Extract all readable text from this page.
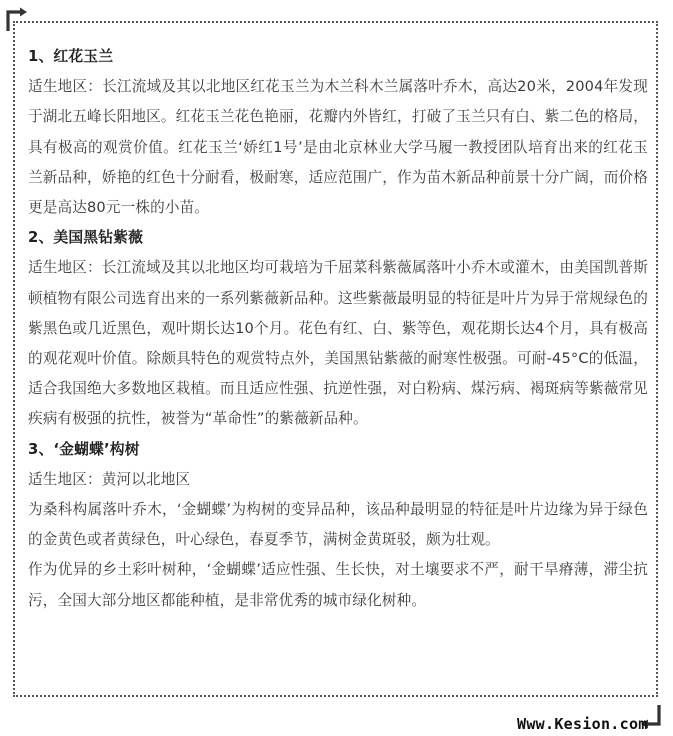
1、红花玉兰

适生地区：长江流域及其以北地区红花玉兰为木兰科木兰属落叶乔木，高达20米，2004年发现于湖北五峰长阳地区。红花玉兰花色艳丽，花瓣内外皆红，打破了玉兰只有白、紫二色的格局，具有极高的观赏价值。红花玉兰‘娇红1号’是由北京林业大学马履一教授团队培育出来的红花玉兰新品种，娇艳的红色十分耐看，极耐寒，适应范围广，作为苗木新品种前景十分广阔，而价格更是高达80元一株的小苗。

2、美国黑钻紫薇

适生地区：长江流域及其以北地区均可栽培为千屈菜科紫薇属落叶小乔木或灌木，由美国凯普斯顿植物有限公司选育出来的一系列紫薇新品种。这些紫薇最明显的特征是叶片为异于常规绿色的紫黑色或几近黑色，观叶期长达10个月。花色有红、白、紫等色，观花期长达4个月，具有极高的观花观叶价值。除颇具特色的观赏特点外，美国黑钻紫薇的耐寒性极强。可耐-45°C的低温，适合我国绝大多数地区栽植。而且适应性强、抗逆性强，对白粉病、煤污病、褐斑病等紫薇常见疾病有极强的抗性，被誉为“革命性”的紫薇新品种。

3、‘金蝴蝶’构树

适生地区：黄河以北地区

为桑科构属落叶乔木，‘金蝴蝶’为构树的变异品种，该品种最明显的特征是叶片边缘为异于绿色的金黄色或者黄绿色，叶心绿色，春夏季节，满树金黄斑驳，颇为壮观。

作为优异的乡土彩叶树种，‘金蝴蝶’适应性强、生长快，对土壤要求不严，耐干旱瘠薄，滞尘抗污，全国大部分地区都能种植，是非常优秀的城市绿化树种。

Www.Kesion.com
